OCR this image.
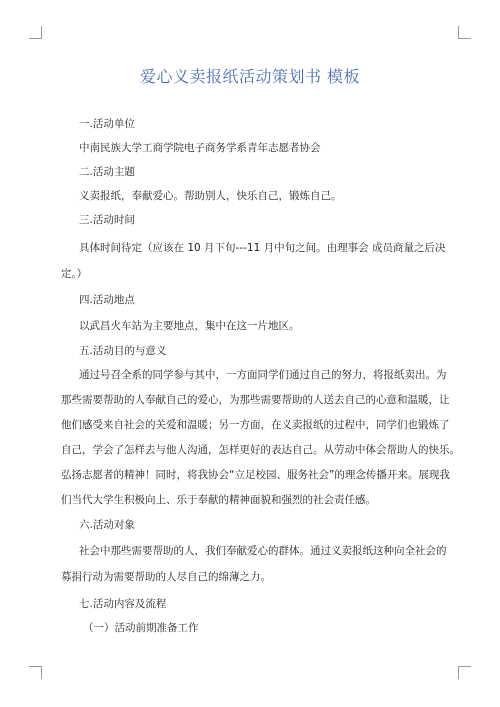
爱心义卖报纸活动策划书 模板
一.活动单位
中南民族大学工商学院电子商务学系青年志愿者协会
二.活动主题
义卖报纸，奉献爱心。帮助别人，快乐自己，锻炼自己。
三.活动时间
具体时间待定（应该在 10 月下旬---11 月中旬之间。由理事会 成员商量之后决
定。）
四.活动地点
以武昌火车站为主要地点，集中在这一片地区。
五.活动目的与意义
通过号召全系的同学参与其中，一方面同学们通过自己的努力，将报纸卖出。为
那些需要帮助的人奉献自己的爱心，为那些需要帮助的人送去自己的心意和温暖，让
他们感受来自社会的关爱和温暖；另一方面，在义卖报纸的过程中，同学们也锻炼了
自己，学会了怎样去与他人沟通，怎样更好的表达自己。从劳动中体会帮助人的快乐。
弘扬志愿者的精神！同时，将我协会“立足校园、服务社会”的理念传播开来。展现我
们当代大学生积极向上、乐于奉献的精神面貌和强烈的社会责任感。
六.活动对象
社会中那些需要帮助的人，我们奉献爱心的群体。通过义卖报纸这种向全社会的
募捐行动为需要帮助的人尽自己的绵薄之力。
七.活动内容及流程
（一）活动前期准备工作
